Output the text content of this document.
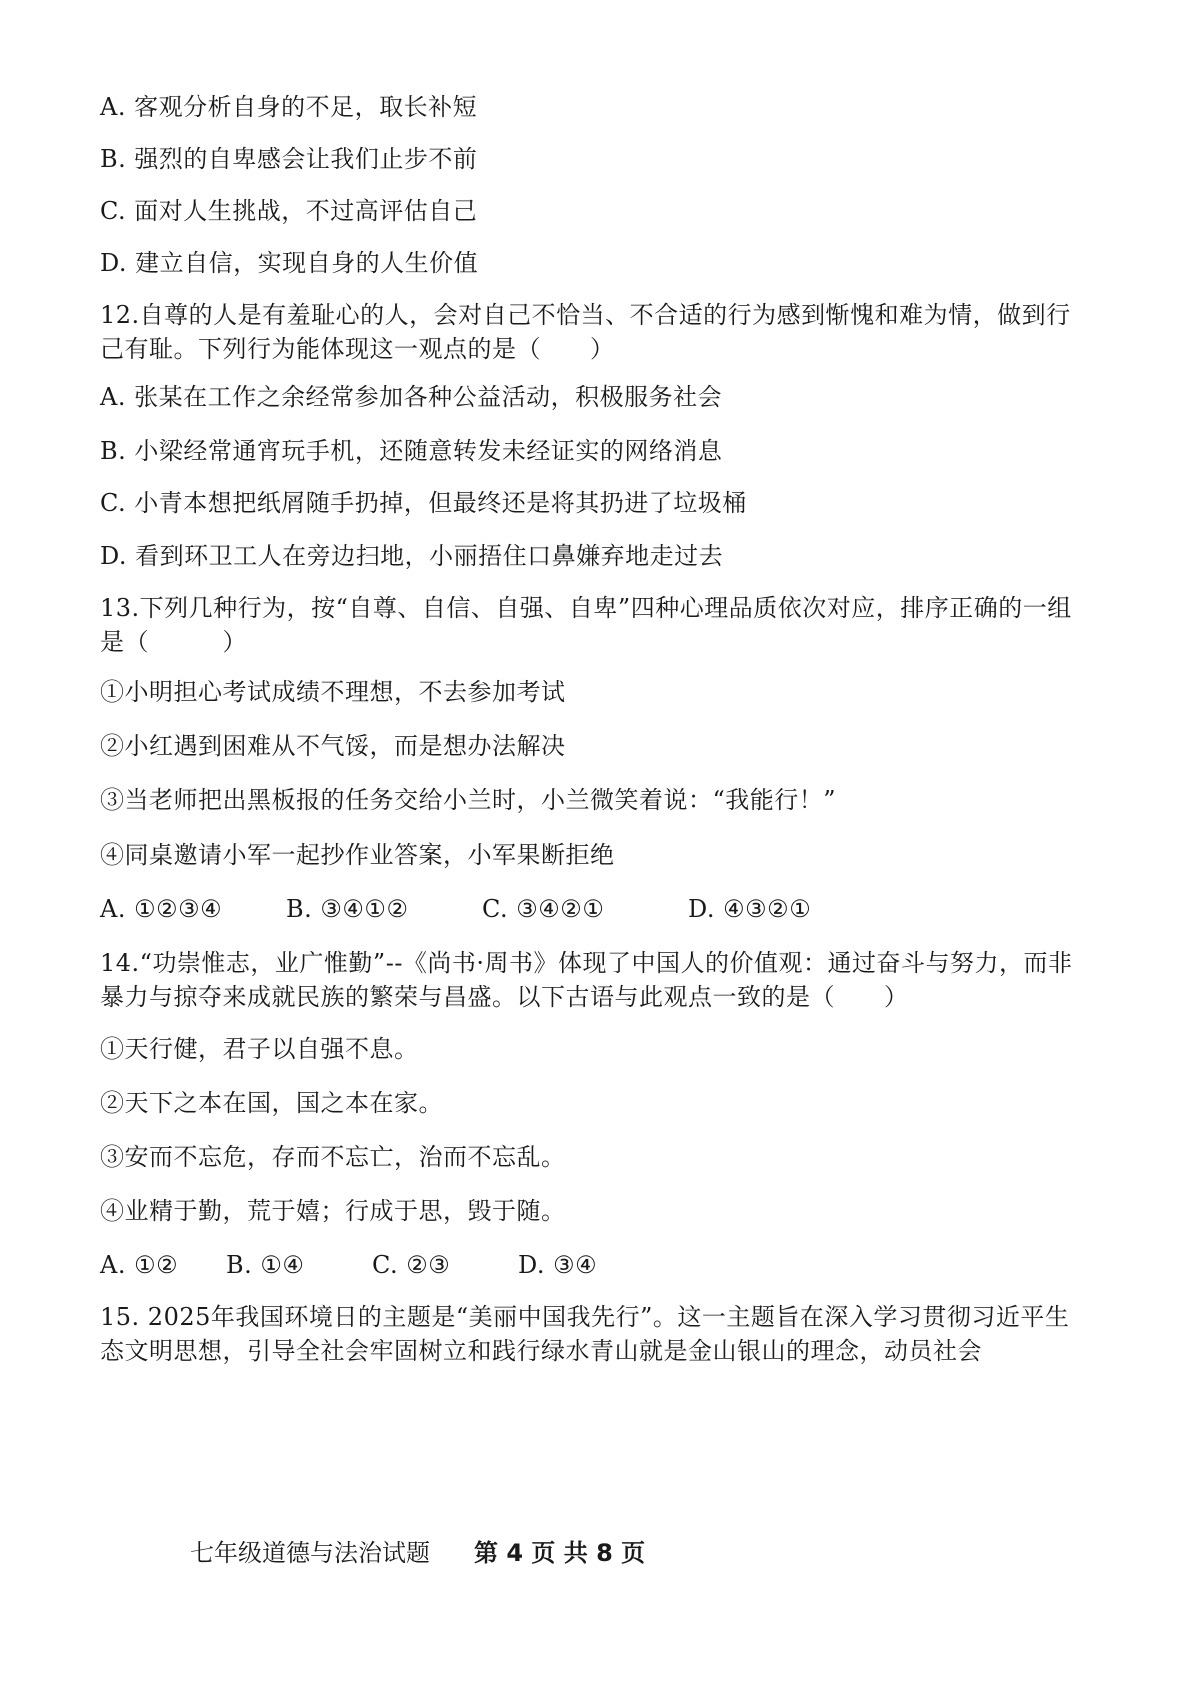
A. 客观分析自身的不足，取长补短
B. 强烈的自卑感会让我们止步不前
C. 面对人生挑战，不过高评估自己
D. 建立自信，实现自身的人生价值
12.自尊的人是有羞耻心的人，会对自己不恰当、不合适的行为感到惭愧和难为情，做到行己有耻。下列行为能体现这一观点的是（　　）
A. 张某在工作之余经常参加各种公益活动，积极服务社会
B. 小梁经常通宵玩手机，还随意转发未经证实的网络消息
C. 小青本想把纸屑随手扔掉，但最终还是将其扔进了垃圾桶
D. 看到环卫工人在旁边扫地，小丽捂住口鼻嫌弃地走过去
13.下列几种行为，按“自尊、自信、自强、自卑”四种心理品质依次对应，排序正确的一组是（　　　）
①小明担心考试成绩不理想，不去参加考试
②小红遇到困难从不气馁，而是想办法解决
③当老师把出黑板报的任务交给小兰时，小兰微笑着说：“我能行！”
④同桌邀请小军一起抄作业答案，小军果断拒绝
A. ①②③④	B. ③④①②	C. ③④②①	D. ④③②①
14.“功崇惟志，业广惟勤”--《尚书·周书》体现了中国人的价值观：通过奋斗与努力，而非暴力与掠夺来成就民族的繁荣与昌盛。以下古语与此观点一致的是（　　）
①天行健，君子以自强不息。
②天下之本在国，国之本在家。
③安而不忘危，存而不忘亡，治而不忘乱。
④业精于勤，荒于嬉；行成于思，毁于随。
A. ①② B. ①④	C. ②③	D. ③④
15. 2025年我国环境日的主题是“美丽中国我先行”。这一主题旨在深入学习贯彻习近平生态文明思想，引导全社会牢固树立和践行绿水青山就是金山银山的理念，动员社会
七年级道德与法治试题 第 4 页 共 8 页
